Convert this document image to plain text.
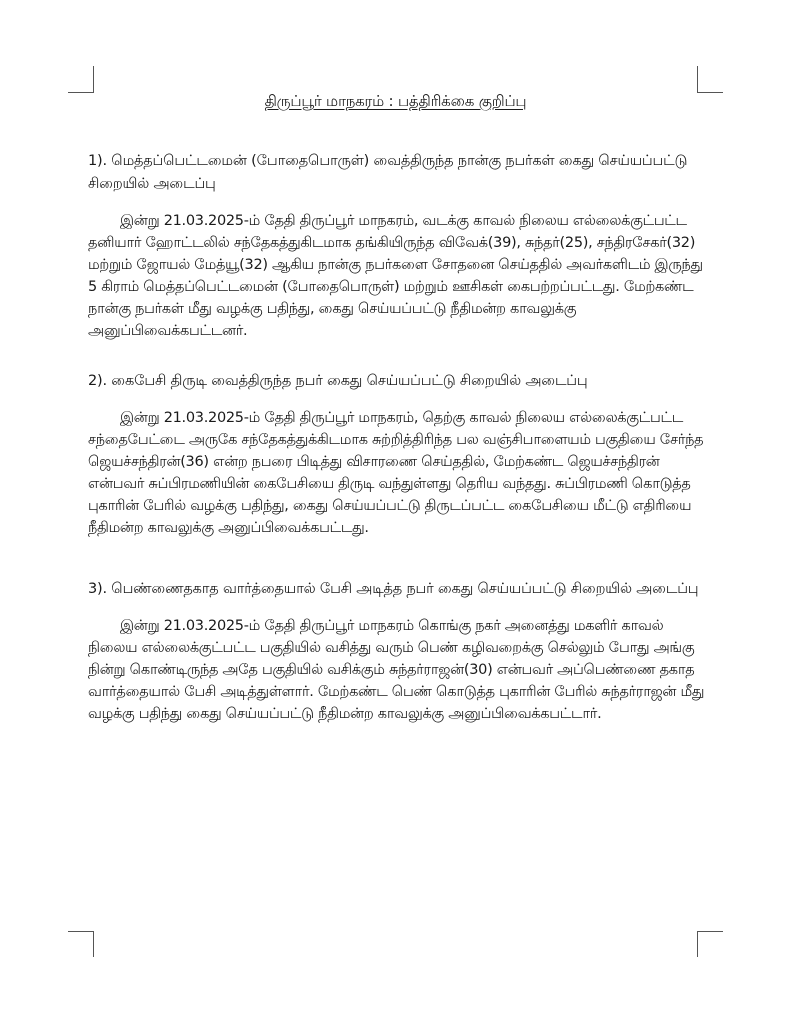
திருப்பூர் மாநகரம் : பத்திரிக்கை குறிப்பு

1). மெத்தப்பெட்டமைன் (போதைபொருள்) வைத்திருந்த நான்கு நபர்கள் கைது செய்யப்பட்டு சிறையில் அடைப்பு

இன்று 21.03.2025-ம் தேதி திருப்பூர் மாநகரம், வடக்கு காவல் நிலைய எல்லைக்குட்பட்ட தனியார் ஹோட்டலில் சந்தேகத்துகிடமாக தங்கியிருந்த விவேக்(39), சுந்தர்(25), சந்திரசேகர்(32) மற்றும் ஜோயல் மேத்யூ(32) ஆகிய நான்கு நபர்களை சோதனை செய்ததில் அவர்களிடம் இருந்து 5 கிராம் மெத்தப்பெட்டமைன் (போதைபொருள்) மற்றும் ஊசிகள் கைபற்றப்பட்டது. மேற்கண்ட நான்கு நபர்கள் மீது வழக்கு பதிந்து, கைது செய்யப்பட்டு நீதிமன்ற காவலுக்கு அனுப்பிவைக்கபட்டனர்.

2). கைபேசி திருடி வைத்திருந்த நபர் கைது செய்யப்பட்டு சிறையில் அடைப்பு

இன்று 21.03.2025-ம் தேதி திருப்பூர் மாநகரம், தெற்கு காவல் நிலைய எல்லைக்குட்பட்ட சந்தைபேட்டை அருகே சந்தேகத்துக்கிடமாக சுற்றித்திரிந்த பல வஞ்சிபாளையம் பகுதியை சேர்ந்த ஜெயச்சந்திரன்(36) என்ற நபரை பிடித்து விசாரணை செய்ததில், மேற்கண்ட ஜெயச்சந்திரன் என்பவர் சுப்பிரமணியின் கைபேசியை திருடி வந்துள்ளது தெரிய வந்தது. சுப்பிரமணி கொடுத்த புகாரின் பேரில் வழக்கு பதிந்து, கைது செய்யப்பட்டு திருடப்பட்ட கைபேசியை மீட்டு எதிரியை நீதிமன்ற காவலுக்கு அனுப்பிவைக்கபட்டது.

3). பெண்ணைதகாத வார்த்தையால் பேசி அடித்த நபர் கைது செய்யப்பட்டு சிறையில் அடைப்பு

இன்று 21.03.2025-ம் தேதி திருப்பூர் மாநகரம் கொங்கு நகர் அனைத்து மகளிர் காவல் நிலைய எல்லைக்குட்பட்ட பகுதியில் வசித்து வரும் பெண் கழிவறைக்கு செல்லும் போது அங்கு நின்று கொண்டிருந்த அதே பகுதியில் வசிக்கும் சுந்தர்ராஜன்(30) என்பவர் அப்பெண்ணை தகாத வார்த்தையால் பேசி அடித்துள்ளார். மேற்கண்ட பெண் கொடுத்த புகாரின் பேரில் சுந்தர்ராஜன் மீது வழக்கு பதிந்து கைது செய்யப்பட்டு நீதிமன்ற காவலுக்கு அனுப்பிவைக்கபட்டார்.
